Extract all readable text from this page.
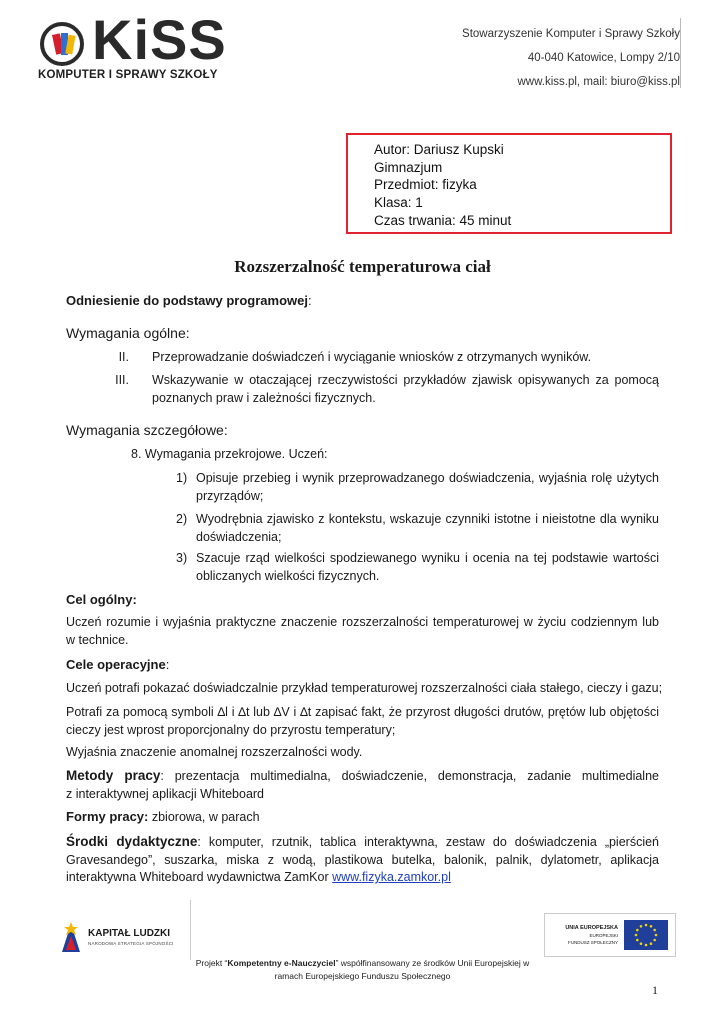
KiSS
KOMPUTER I SPRAWY SZKOŁY
Stowarzyszenie Komputer i Sprawy Szkoły
40-040 Katowice, Lompy 2/10
www.kiss.pl, mail: biuro@kiss.pl
Autor: Dariusz Kupski
Gimnazjum
Przedmiot: fizyka
Klasa: 1
Czas trwania: 45 minut
Rozszerzalność temperaturowa ciał
Odniesienie do podstawy programowej:
Wymagania ogólne:
II. Przeprowadzanie doświadczeń i wyciąganie wniosków z otrzymanych wyników.
III. Wskazywanie w otaczającej rzeczywistości przykładów zjawisk opisywanych za pomocą
poznanych praw i zależności fizycznych.
Wymagania szczegółowe:
8. Wymagania przekrojowe. Uczeń:
1) Opisuje przebieg i wynik przeprowadzanego doświadczenia, wyjaśnia rolę użytych
przyrządów;
2) Wyodrębnia zjawisko z kontekstu, wskazuje czynniki istotne i nieistotne dla wyniku
doświadczenia;
3) Szacuje rząd wielkości spodziewanego wyniku i ocenia na tej podstawie wartości
obliczanych wielkości fizycznych.
Cel ogólny:
Uczeń rozumie i wyjaśnia praktyczne znaczenie rozszerzalności temperaturowej w życiu codziennym lub
w technice.
Cele operacyjne:
Uczeń potrafi pokazać doświadczalnie przykład temperaturowej rozszerzalności ciała stałego, cieczy i gazu;
Potrafi za pomocą symboli ∆l i ∆t lub ∆V i ∆t zapisać fakt, że przyrost długości drutów, prętów lub objętości
cieczy jest wprost proporcjonalny do przyrostu temperatury;
Wyjaśnia znaczenie anomalnej rozszerzalności wody.
Metody pracy: prezentacja multimedialna, doświadczenie, demonstracja, zadanie multimedialne
z interaktywnej aplikacji Whiteboard
Formy pracy: zbiorowa, w parach
Środki dydaktyczne: komputer, rzutnik, tablica interaktywna, zestaw do doświadczenia „pierścień
Gravesandego”, suszarka, miska z wodą, plastikowa butelka, balonik, palnik, dylatometr, aplikacja
interaktywna Whiteboard wydawnictwa ZamKor www.fizyka.zamkor.pl
KAPITAŁ LUDZKI
NARODOWA STRATEGIA SPÓJNOŚCI
UNIA EUROPEJSKA
EUROPEJSKI
FUNDUSZ SPOŁECZNY
Projekt “Kompetentny e-Nauczyciel” współfinansowany ze środków Unii Europejskiej w
ramach Europejskiego Funduszu Społecznego
1
